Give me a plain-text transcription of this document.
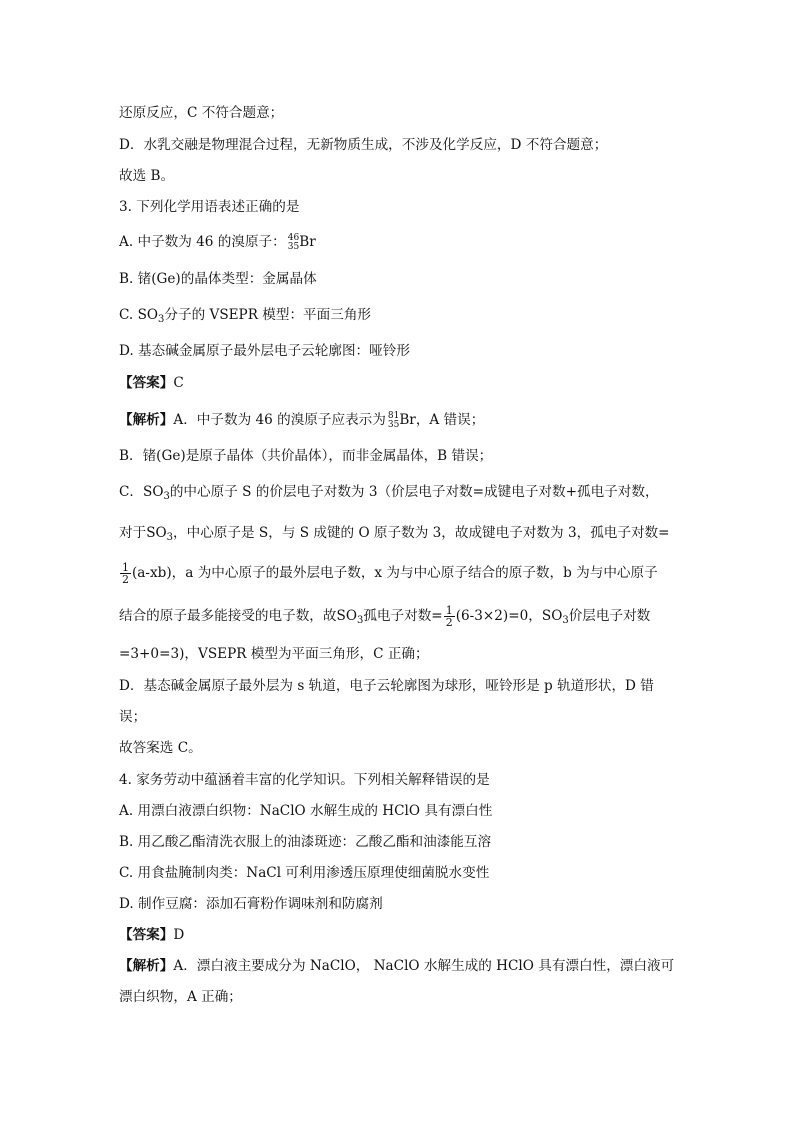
还原反应，C 不符合题意；
D．水乳交融是物理混合过程，无新物质生成，不涉及化学反应，D 不符合题意；
故选 B。
3. 下列化学用语表述正确的是
A. 中子数为 46 的溴原子： 46
35 Br
B. 锗(Ge)的晶体类型：金属晶体
C. $SO_3$分子的 VSEPR 模型：平面三角形
D. 基态碱金属原子最外层电子云轮廓图：哑铃形
【答案】C
【解析】A．中子数为 46 的溴原子应表示为 81
35 Br，A 错误；
B．锗(Ge)是原子晶体（共价晶体），而非金属晶体，B 错误；
C．$SO_3$的中心原子 S 的价层电子对数为 3（价层电子对数=成键电子对数+孤电子对数，
对于$SO_3$，中心原子是 S，与 S 成键的 O 原子数为 3，故成键电子对数为 3，孤电子对数=
$\frac{1}{2} (a-xb)$，a 为中心原子的最外层电子数，x 为与中心原子结合的原子数，b 为与中心原子
结合的原子最多能接受的电子数，故$SO_3$孤电子对数= $\frac{1}{2} (6-3\times 2)=0$，$SO_3$价层电子对数
=3+0=3)，VSEPR 模型为平面三角形，C 正确；
D．基态碱金属原子最外层为 s 轨道，电子云轮廓图为球形，哑铃形是 p 轨道形状，D 错
误；
故答案选 C。
4. 家务劳动中蕴涵着丰富的化学知识。下列相关解释错误的是
A. 用漂白液漂白织物：NaClO 水解生成的 HClO 具有漂白性
B. 用乙酸乙酯清洗衣服上的油漆斑迹：乙酸乙酯和油漆能互溶
C. 用食盐腌制肉类：NaCl 可利用渗透压原理使细菌脱水变性
D. 制作豆腐：添加石膏粉作调味剂和防腐剂
【答案】D
【解析】A．漂白液主要成分为 NaClO， NaClO 水解生成的 HClO 具有漂白性，漂白液可
漂白织物，A 正确；
